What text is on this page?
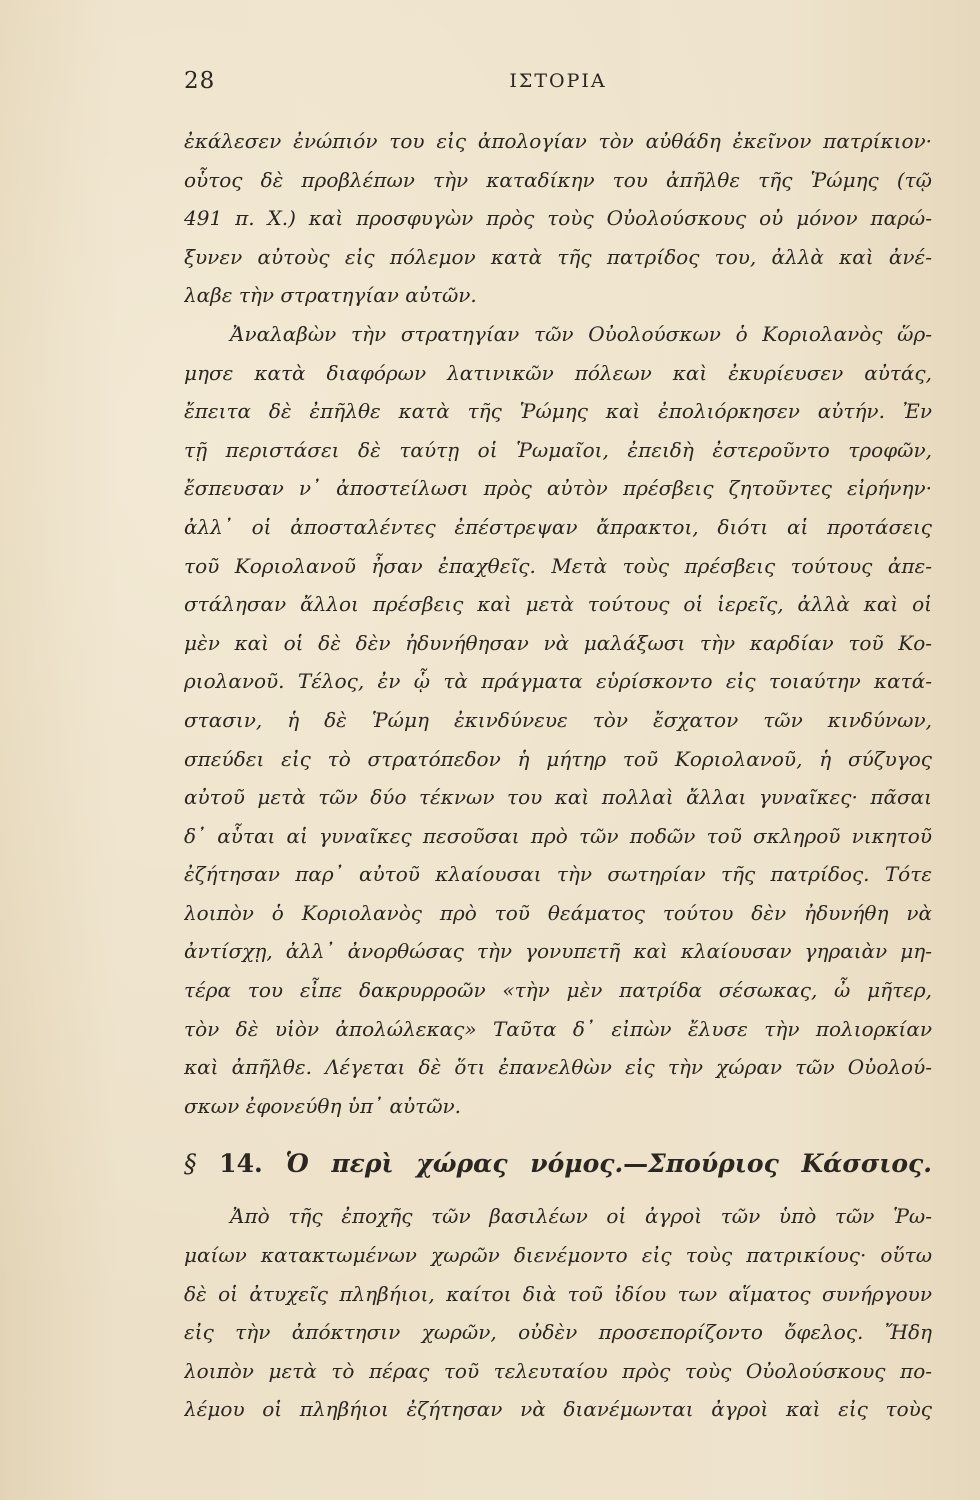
28	ΙΣΤΟΡΙΑ
ἐκάλεσεν ἐνώπιόν του εἰς ἀπολογίαν τὸν αὐθάδη ἐκεῖνον πατρίκιον·
οὗτος δὲ προβλέπων τὴν καταδίκην του ἀπῆλθε τῆς Ῥώμης (τῷ
491 π. Χ.) καὶ προσφυγὼν πρὸς τοὺς Οὐολούσκους οὐ μόνον παρώ-
ξυνεν αὐτοὺς εἰς πόλεμον κατὰ τῆς πατρίδος του, ἀλλὰ καὶ ἀνέ-
λαβε τὴν στρατηγίαν αὐτῶν.
Ἀναλαβὼν τὴν στρατηγίαν τῶν Οὐολούσκων ὁ Κοριολανὸς ὥρ-
μησε κατὰ διαφόρων λατινικῶν πόλεων καὶ ἐκυρίευσεν αὐτάς,
ἔπειτα δὲ ἐπῆλθε κατὰ τῆς Ῥώμης καὶ ἐπολιόρκησεν αὐτήν. Ἐν
τῇ περιστάσει δὲ ταύτῃ οἱ Ῥωμαῖοι, ἐπειδὴ ἐστεροῦντο τροφῶν,
ἔσπευσαν ν᾽ ἀποστείλωσι πρὸς αὐτὸν πρέσβεις ζητοῦντες εἰρήνην·
ἀλλ᾽ οἱ ἀποσταλέντες ἐπέστρεψαν ἄπρακτοι, διότι αἱ προτάσεις
τοῦ Κοριολανοῦ ἦσαν ἐπαχθεῖς. Μετὰ τοὺς πρέσβεις τούτους ἀπε-
στάλησαν ἄλλοι πρέσβεις καὶ μετὰ τούτους οἱ ἱερεῖς, ἀλλὰ καὶ οἱ
μὲν καὶ οἱ δὲ δὲν ἠδυνήθησαν νὰ μαλάξωσι τὴν καρδίαν τοῦ Κο-
ριολανοῦ. Τέλος, ἐν ᾧ τὰ πράγματα εὑρίσκοντο εἰς τοιαύτην κατά-
στασιν, ἡ δὲ Ῥώμη ἐκινδύνευε τὸν ἔσχατον τῶν κινδύνων,
σπεύδει εἰς τὸ στρατόπεδον ἡ μήτηρ τοῦ Κοριολανοῦ, ἡ σύζυγος
αὐτοῦ μετὰ τῶν δύο τέκνων του καὶ πολλαὶ ἄλλαι γυναῖκες· πᾶσαι
δ᾽ αὗται αἱ γυναῖκες πεσοῦσαι πρὸ τῶν ποδῶν τοῦ σκληροῦ νικητοῦ
ἐζήτησαν παρ᾽ αὐτοῦ κλαίουσαι τὴν σωτηρίαν τῆς πατρίδος. Τότε
λοιπὸν ὁ Κοριολανὸς πρὸ τοῦ θεάματος τούτου δὲν ἠδυνήθη νὰ
ἀντίσχῃ, ἀλλ᾽ ἀνορθώσας τὴν γονυπετῆ καὶ κλαίουσαν γηραιὰν μη-
τέρα του εἶπε δακρυρροῶν «τὴν μὲν πατρίδα σέσωκας, ὦ μῆτερ,
τὸν δὲ υἱὸν ἀπολώλεκας» Ταῦτα δ᾽ εἰπὼν ἔλυσε τὴν πολιορκίαν
καὶ ἀπῆλθε. Λέγεται δὲ ὅτι ἐπανελθὼν εἰς τὴν χώραν τῶν Οὐολού-
σκων ἐφονεύθη ὑπ᾽ αὐτῶν.
§ 14. Ὁ περὶ χώρας νόμος.—Σπούριος Κάσσιος.
Ἀπὸ τῆς ἐποχῆς τῶν βασιλέων οἱ ἀγροὶ τῶν ὑπὸ τῶν Ῥω-
μαίων κατακτωμένων χωρῶν διενέμοντο εἰς τοὺς πατρικίους· οὕτω
δὲ οἱ ἀτυχεῖς πληβήιοι, καίτοι διὰ τοῦ ἰδίου των αἵματος συνήργουν
εἰς τὴν ἀπόκτησιν χωρῶν, οὐδὲν προσεπορίζοντο ὄφελος. Ἤδη
λοιπὸν μετὰ τὸ πέρας τοῦ τελευταίου πρὸς τοὺς Οὐολούσκους πο-
λέμου οἱ πληβήιοι ἐζήτησαν νὰ διανέμωνται ἀγροὶ καὶ εἰς τοὺς
